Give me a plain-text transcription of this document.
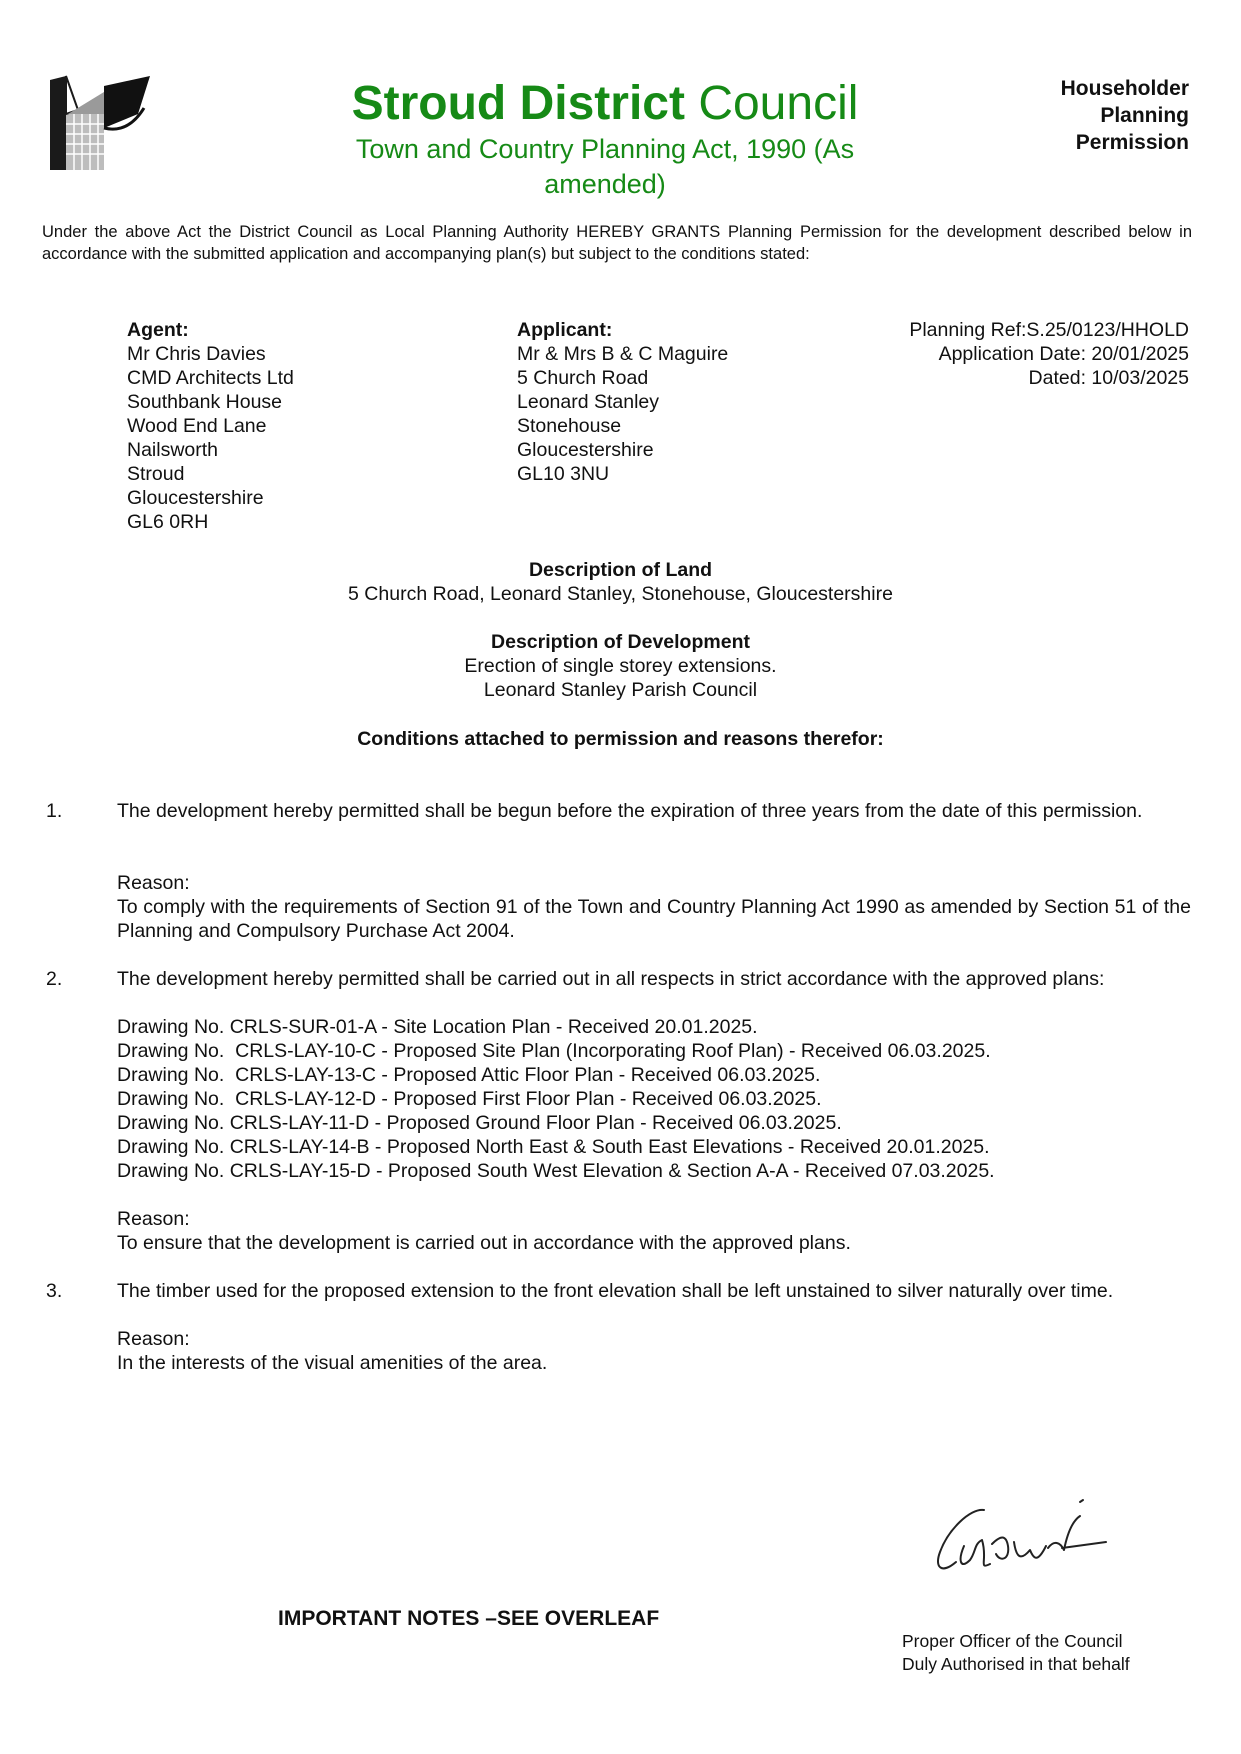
Stroud District Council
Town and Country Planning Act, 1990 (As amended)
Householder
Planning
Permission
Under the above Act the District Council as Local Planning Authority HEREBY GRANTS Planning Permission for the development described below in accordance with the submitted application and accompanying plan(s) but subject to the conditions stated:
Agent:
Mr Chris Davies
CMD Architects Ltd
Southbank House
Wood End Lane
Nailsworth
Stroud
Gloucestershire
GL6 0RH
Applicant:
Mr & Mrs B & C Maguire
5 Church Road
Leonard Stanley
Stonehouse
Gloucestershire
GL10 3NU
Planning Ref:S.25/0123/HHOLD
Application Date: 20/01/2025
Dated: 10/03/2025
Description of Land
5 Church Road, Leonard Stanley, Stonehouse, Gloucestershire
Description of Development
Erection of single storey extensions.
Leonard Stanley Parish Council
Conditions attached to permission and reasons therefor:
1.	The development hereby permitted shall be begun before the expiration of three years from the date of this permission.
Reason:
To comply with the requirements of Section 91 of the Town and Country Planning Act 1990 as amended by Section 51 of the Planning and Compulsory Purchase Act 2004.
2.	The development hereby permitted shall be carried out in all respects in strict accordance with the approved plans:
Drawing No. CRLS-SUR-01-A - Site Location Plan - Received 20.01.2025.
Drawing No.  CRLS-LAY-10-C - Proposed Site Plan (Incorporating Roof Plan) - Received 06.03.2025.
Drawing No.  CRLS-LAY-13-C - Proposed Attic Floor Plan - Received 06.03.2025.
Drawing No.  CRLS-LAY-12-D - Proposed First Floor Plan - Received 06.03.2025.
Drawing No. CRLS-LAY-11-D - Proposed Ground Floor Plan - Received 06.03.2025.
Drawing No. CRLS-LAY-14-B - Proposed North East & South East Elevations - Received 20.01.2025.
Drawing No. CRLS-LAY-15-D - Proposed South West Elevation & Section A-A - Received 07.03.2025.
Reason:
To ensure that the development is carried out in accordance with the approved plans.
3.	The timber used for the proposed extension to the front elevation shall be left unstained to silver naturally over time.
Reason:
In the interests of the visual amenities of the area.
IMPORTANT NOTES –SEE OVERLEAF
Proper Officer of the Council
Duly Authorised in that behalf
